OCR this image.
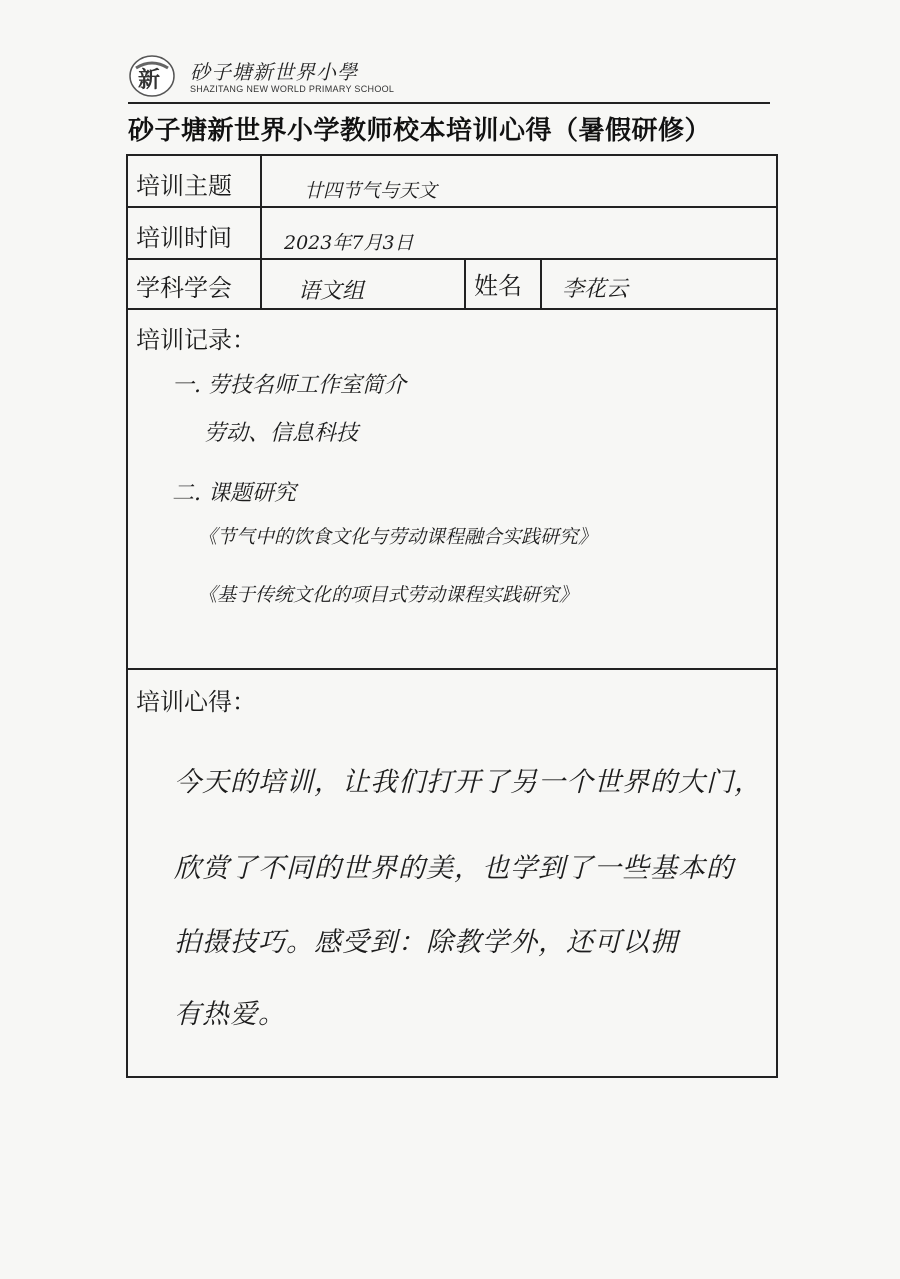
新 砂子塘新世界小學
SHAZITANG NEW WORLD PRIMARY SCHOOL
砂子塘新世界小学教师校本培训心得（暑假研修）
培训主题	廿四节气与天文
培训时间	2023年7月3日
学科学会	语文组	姓名 李花云
培训记录：
一. 劳技名师工作室简介
劳动、信息科技
二. 课题研究
《节气中的饮食文化与劳动课程融合实践研究》
《基于传统文化的项目式劳动课程实践研究》
培训心得：
今天的培训，让我们打开了另一个世界的大门，
欣赏了不同的世界的美，也学到了一些基本的
拍摄技巧。感受到：除教学外，还可以拥
有热爱。
